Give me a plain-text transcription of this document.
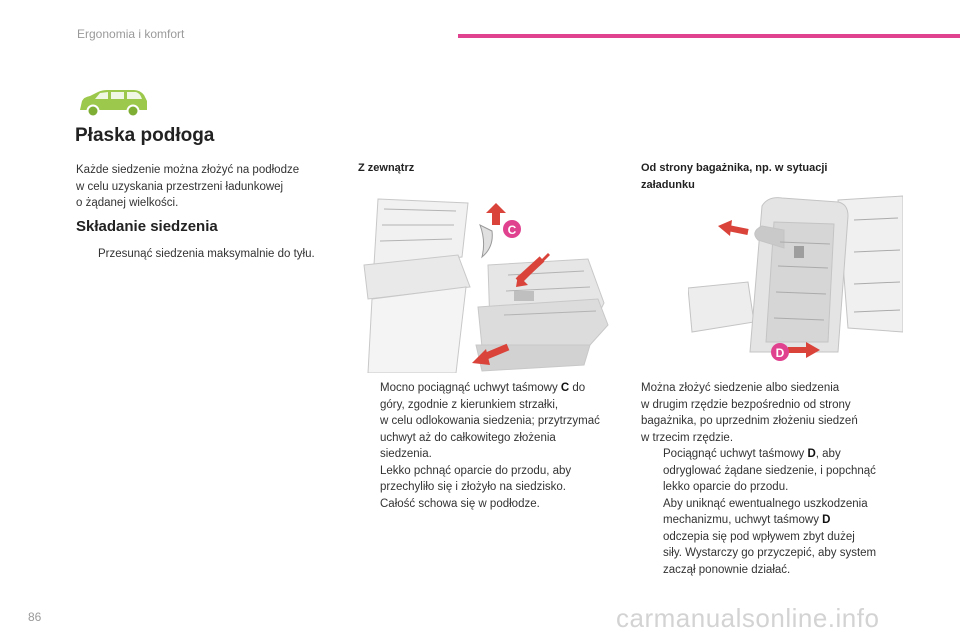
Ergonomia i komfort
Płaska podłoga
Każde siedzenie można złożyć na podłodze
w celu uzyskania przestrzeni ładunkowej
o żądanej wielkości.
Składanie siedzenia
Przesunąć siedzenia maksymalnie do tyłu.
Z zewnątrz	Od strony bagażnika, np. w sytuacji
załadunku
C
D
Mocno pociągnąć uchwyt taśmowy C do
góry, zgodnie z kierunkiem strzałki,
w celu odlokowania siedzenia; przytrzymać
uchwyt aż do całkowitego złożenia
siedzenia.
Lekko pchnąć oparcie do przodu, aby
przechyliło się i złożyło na siedzisko.
Całość schowa się w podłodze.
Można złożyć siedzenie albo siedzenia
w drugim rzędzie bezpośrednio od strony
bagażnika, po uprzednim złożeniu siedzeń
w trzecim rzędzie.
Pociągnąć uchwyt taśmowy D, aby
odryglować żądane siedzenie, i popchnąć
lekko oparcie do przodu.
Aby uniknąć ewentualnego uszkodzenia
mechanizmu, uchwyt taśmowy D
odczepia się pod wpływem zbyt dużej
siły. Wystarczy go przyczepić, aby system
zaczął ponownie działać.
86	carmanualsonline.info
